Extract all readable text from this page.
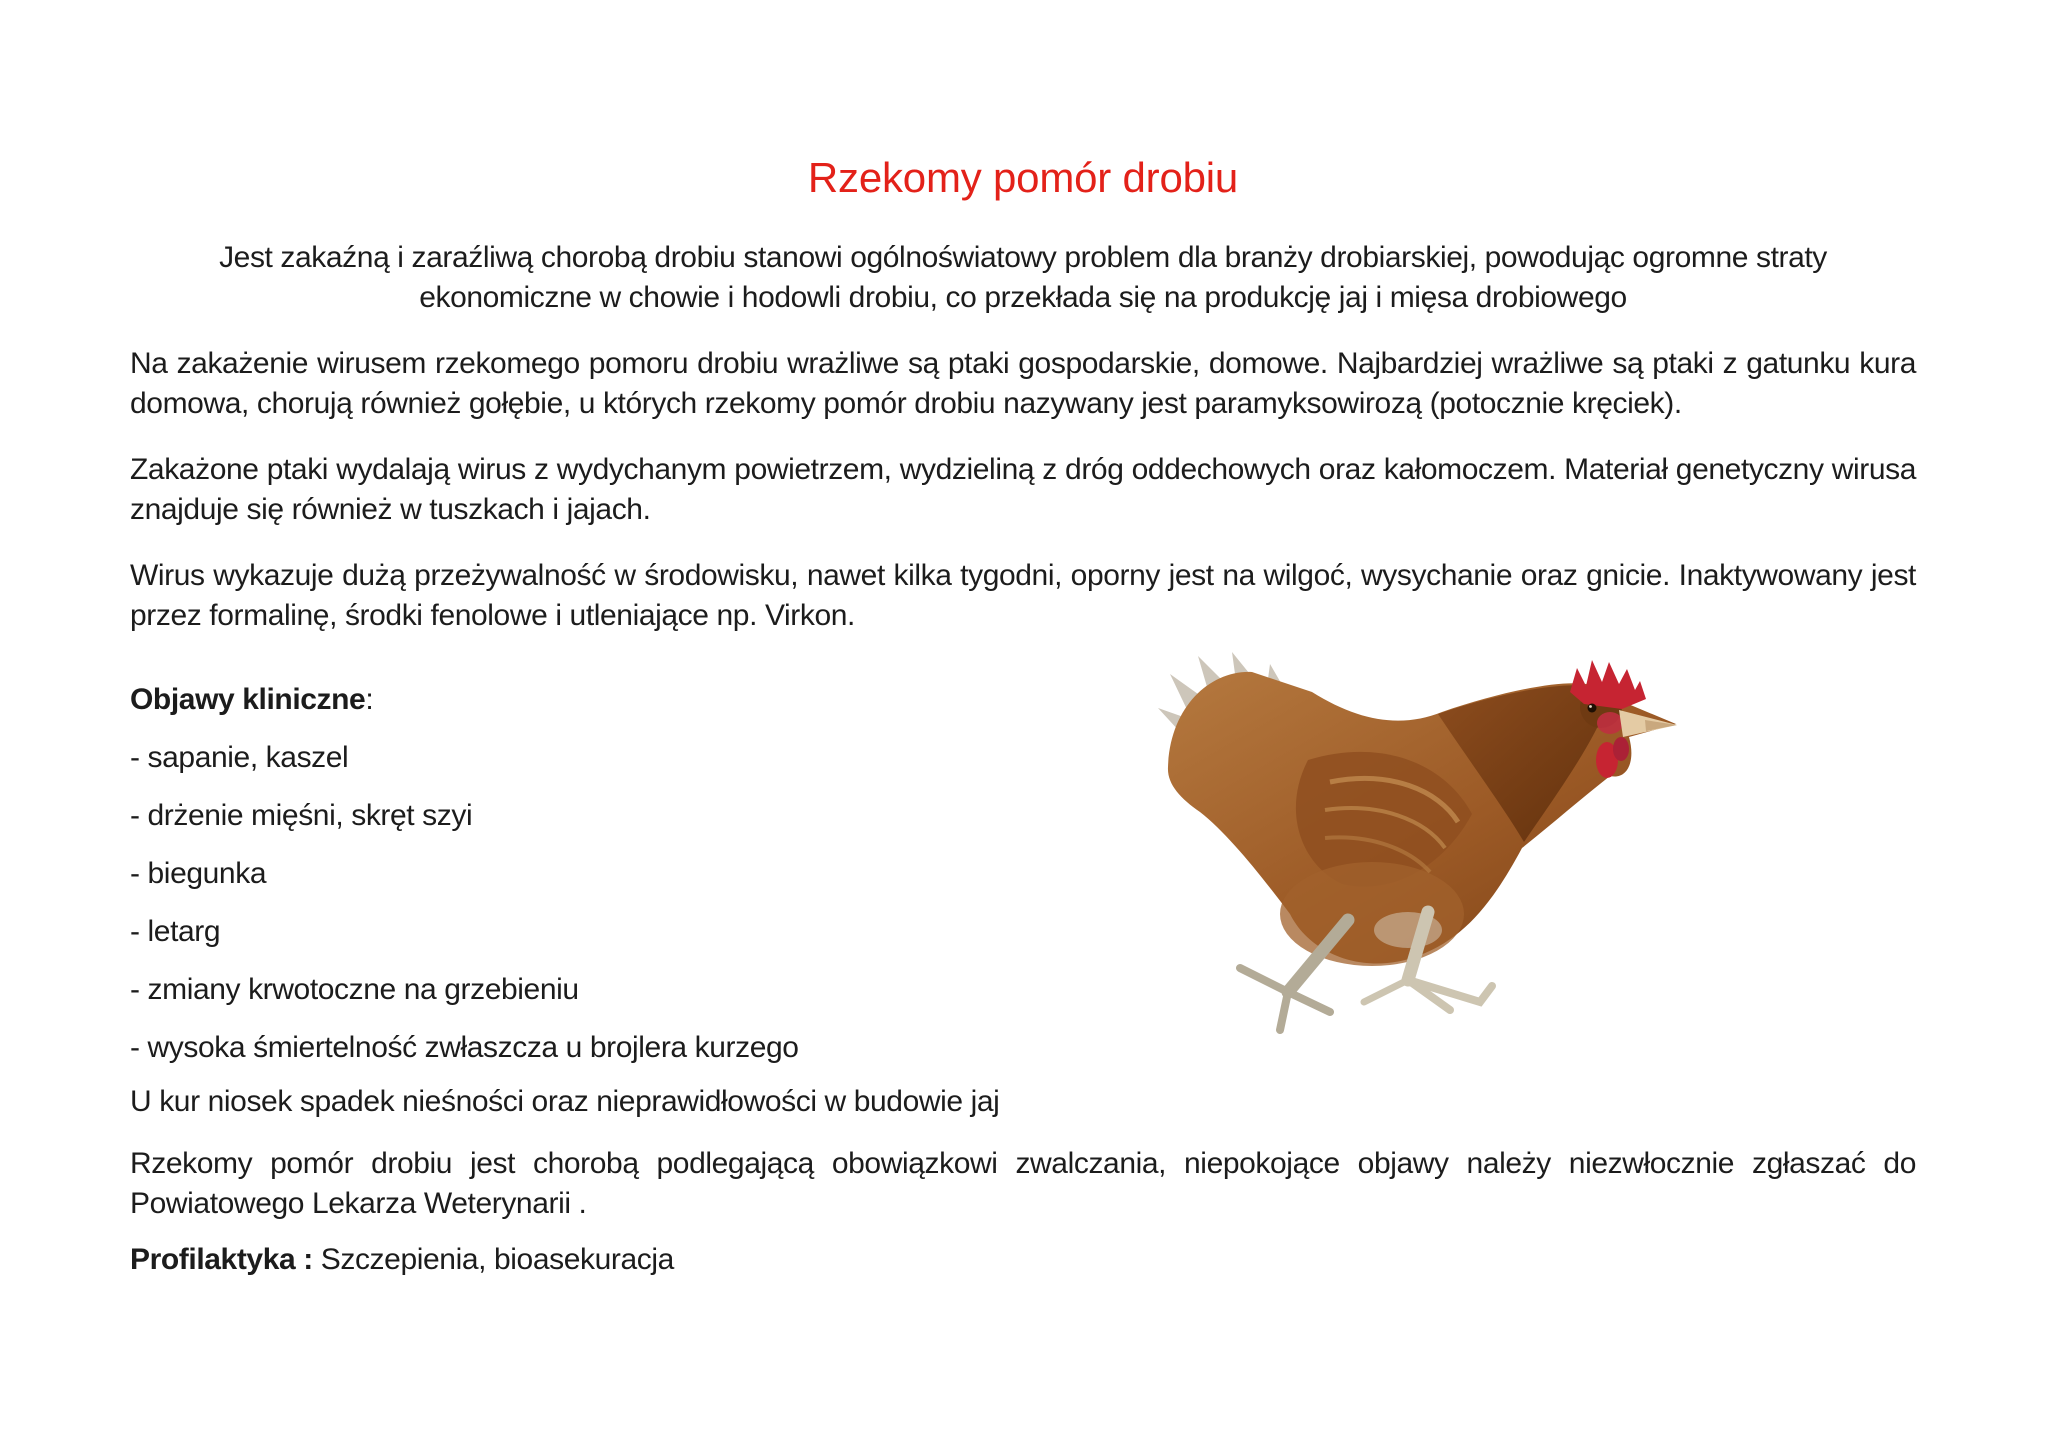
Rzekomy pomór drobiu

Jest zakaźną i zaraźliwą chorobą drobiu stanowi ogólnoświatowy problem dla branży drobiarskiej, powodując ogromne straty ekonomiczne w chowie i hodowli drobiu, co przekłada się na produkcję jaj i mięsa drobiowego

Na zakażenie wirusem rzekomego pomoru drobiu wrażliwe są ptaki gospodarskie, domowe. Najbardziej wrażliwe są ptaki z gatunku kura domowa, chorują również gołębie, u których rzekomy pomór drobiu nazywany jest paramyksowirozą (potocznie kręciek).

Zakażone ptaki wydalają wirus z wydychanym powietrzem, wydzieliną z dróg oddechowych oraz kałomoczem. Materiał genetyczny wirusa znajduje się również w tuszkach i jajach.

Wirus wykazuje dużą przeżywalność w środowisku, nawet kilka tygodni, oporny jest na wilgoć, wysychanie oraz gnicie. Inaktywowany jest przez formalinę, środki fenolowe i utleniające np. Virkon.

Objawy kliniczne:

- sapanie, kaszel

- drżenie mięśni, skręt szyi

- biegunka

- letarg

- zmiany krwotoczne na grzebieniu

- wysoka śmiertelność zwłaszcza u brojlera kurzego

U kur niosek spadek nieśności oraz nieprawidłowości w budowie jaj

Rzekomy pomór drobiu jest chorobą podlegającą obowiązkowi zwalczania, niepokojące objawy należy niezwłocznie zgłaszać do Powiatowego Lekarza Weterynarii .

Profilaktyka : Szczepienia, bioasekuracja
